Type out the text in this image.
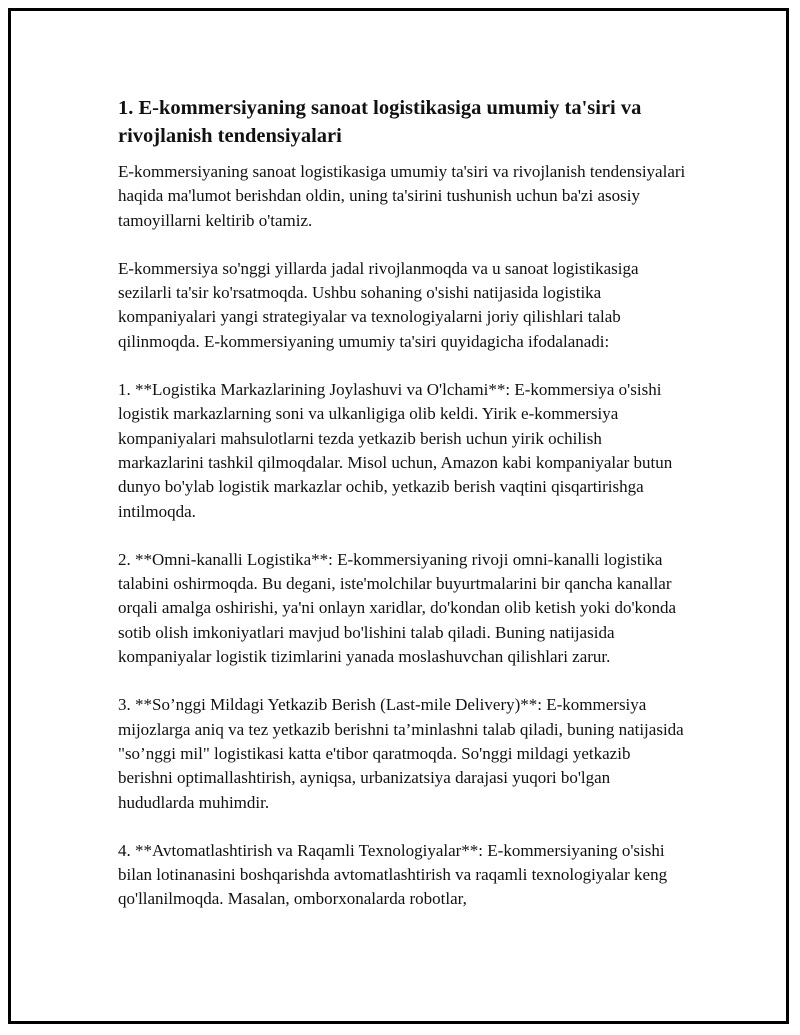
1. E-kommersiyaning sanoat logistikasiga umumiy ta'siri va rivojlanish tendensiyalari

E-kommersiyaning sanoat logistikasiga umumiy ta'siri va rivojlanish tendensiyalari haqida ma'lumot berishdan oldin, uning ta'sirini tushunish uchun ba'zi asosiy tamoyillarni keltirib o'tamiz.

E-kommersiya so'nggi yillarda jadal rivojlanmoqda va u sanoat logistikasiga sezilarli ta'sir ko'rsatmoqda. Ushbu sohaning o'sishi natijasida logistika kompaniyalari yangi strategiyalar va texnologiyalarni joriy qilishlari talab qilinmoqda. E-kommersiyaning umumiy ta'siri quyidagicha ifodalanadi:

1. **Logistika Markazlarining Joylashuvi va O'lchami**: E-kommersiya o'sishi logistik markazlarning soni va ulkanligiga olib keldi. Yirik e-kommersiya kompaniyalari mahsulotlarni tezda yetkazib berish uchun yirik ochilish markazlarini tashkil qilmoqdalar. Misol uchun, Amazon kabi kompaniyalar butun dunyo bo'ylab logistik markazlar ochib, yetkazib berish vaqtini qisqartirishga intilmoqda.

2. **Omni-kanalli Logistika**: E-kommersiyaning rivoji omni-kanalli logistika talabini oshirmoqda. Bu degani, iste'molchilar buyurtmalarini bir qancha kanallar orqali amalga oshirishi, ya'ni onlayn xaridlar, do'kondan olib ketish yoki do'konda sotib olish imkoniyatlari mavjud bo'lishini talab qiladi. Buning natijasida kompaniyalar logistik tizimlarini yanada moslashuvchan qilishlari zarur.

3. **So’nggi Mildagi Yetkazib Berish (Last-mile Delivery)**: E-kommersiya mijozlarga aniq va tez yetkazib berishni ta’minlashni talab qiladi, buning natijasida "so’nggi mil" logistikasi katta e'tibor qaratmoqda. So'nggi mildagi yetkazib berishni optimallashtirish, ayniqsa, urbanizatsiya darajasi yuqori bo'lgan hududlarda muhimdir.

4. **Avtomatlashtirish va Raqamli Texnologiyalar**: E-kommersiyaning o'sishi bilan lotinanasini boshqarishda avtomatlashtirish va raqamli texnologiyalar keng qo'llanilmoqda. Masalan, omborxonalarda robotlar,
